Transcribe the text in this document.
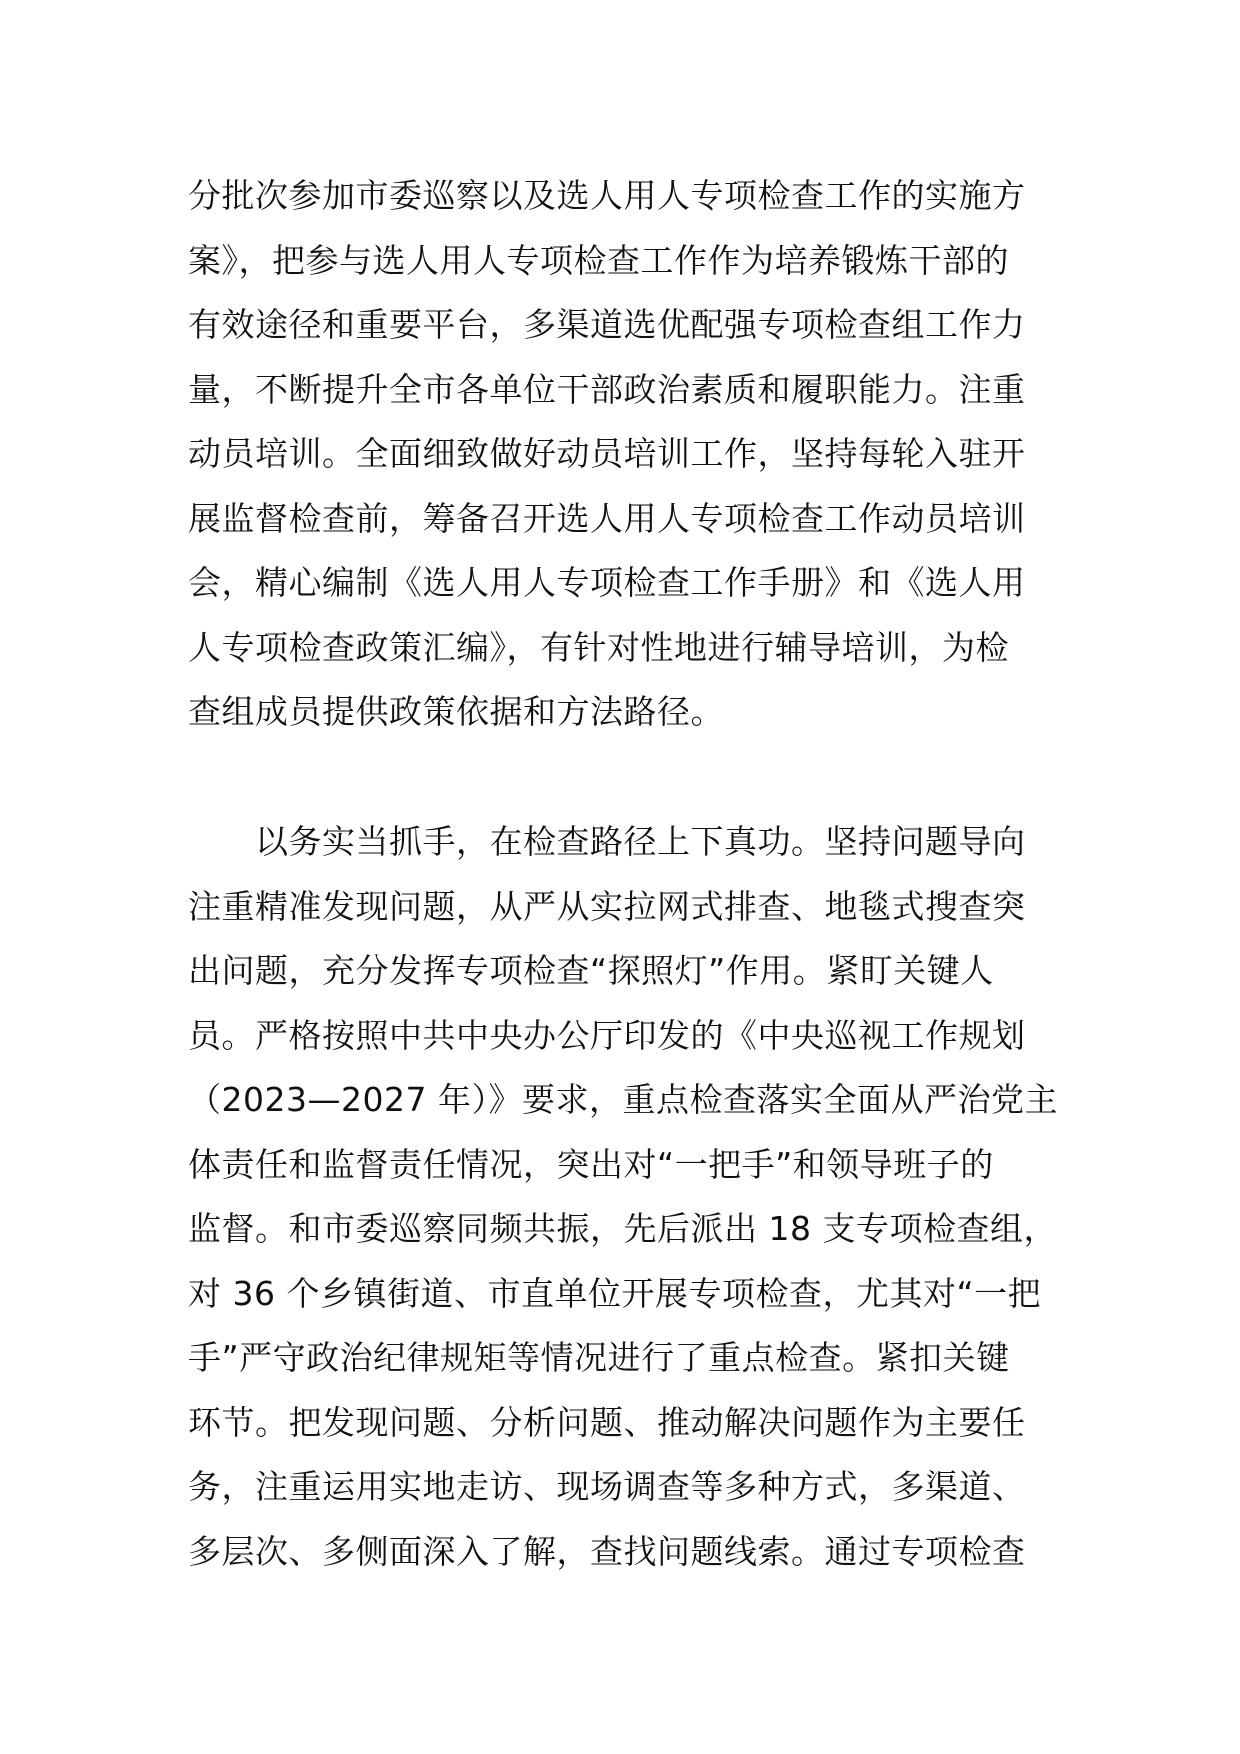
分批次参加市委巡察以及选人用人专项检查工作的实施方
案》，把参与选人用人专项检查工作作为培养锻炼干部的
有效途径和重要平台，多渠道选优配强专项检查组工作力
量，不断提升全市各单位干部政治素质和履职能力。注重
动员培训。全面细致做好动员培训工作，坚持每轮入驻开
展监督检查前，筹备召开选人用人专项检查工作动员培训
会，精心编制《选人用人专项检查工作手册》和《选人用
人专项检查政策汇编》，有针对性地进行辅导培训，为检
查组成员提供政策依据和方法路径。
　　以务实当抓手，在检查路径上下真功。坚持问题导向
注重精准发现问题，从严从实拉网式排查、地毯式搜查突
出问题，充分发挥专项检查“探照灯”作用。紧盯关键人
员。严格按照中共中央办公厅印发的《中央巡视工作规划
（2023—2027 年）》要求，重点检查落实全面从严治党主
体责任和监督责任情况，突出对“一把手”和领导班子的
监督。和市委巡察同频共振，先后派出 18 支专项检查组，
对 36 个乡镇街道、市直单位开展专项检查，尤其对“一把
手”严守政治纪律规矩等情况进行了重点检查。紧扣关键
环节。把发现问题、分析问题、推动解决问题作为主要任
务，注重运用实地走访、现场调查等多种方式，多渠道、
多层次、多侧面深入了解，查找问题线索。通过专项检查
